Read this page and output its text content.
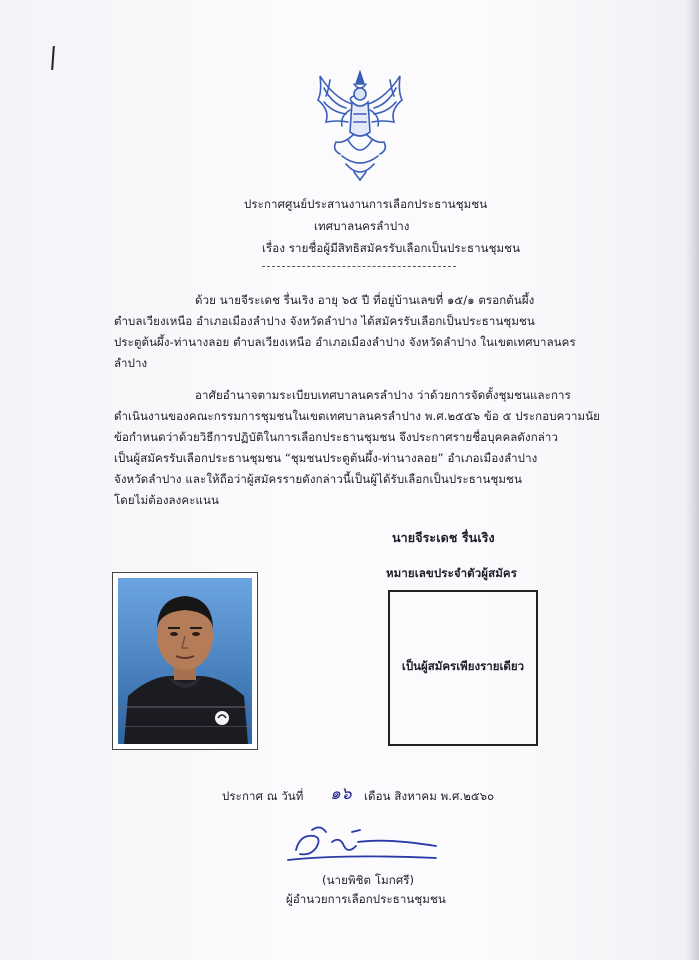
ประกาศศูนย์ประสานงานการเลือกประธานชุมชน
เทศบาลนครลำปาง
เรื่อง รายชื่อผู้มีสิทธิสมัครรับเลือกเป็นประธานชุมชน
ด้วย นายจีระเดช รื่นเริง อายุ ๖๕ ปี ที่อยู่บ้านเลขที่ ๑๕/๑ ตรอกต้นผึ้ง
ตำบลเวียงเหนือ อำเภอเมืองลำปาง จังหวัดลำปาง ได้สมัครรับเลือกเป็นประธานชุมชน
ประตูต้นผึ้ง-ท่านางลอย ตำบลเวียงเหนือ อำเภอเมืองลำปาง จังหวัดลำปาง ในเขตเทศบาลนคร
ลำปาง
อาศัยอำนาจตามระเบียบเทศบาลนครลำปาง ว่าด้วยการจัดตั้งชุมชนและการ
ดำเนินงานของคณะกรรมการชุมชนในเขตเทศบาลนครลำปาง พ.ศ.๒๕๕๖ ข้อ ๕ ประกอบความนัย
ข้อกำหนดว่าด้วยวิธีการปฏิบัติในการเลือกประธานชุมชน จึงประกาศรายชื่อบุคคลดังกล่าว
เป็นผู้สมัครรับเลือกประธานชุมชน “ชุมชนประตูต้นผึ้ง-ท่านางลอย” อำเภอเมืองลำปาง
จังหวัดลำปาง และให้ถือว่าผู้สมัครรายดังกล่าวนี้เป็นผู้ได้รับเลือกเป็นประธานชุมชน
โดยไม่ต้องลงคะแนน
นายจีระเดช รื่นเริง
หมายเลขประจำตัวผู้สมัคร
เป็นผู้สมัครเพียงรายเดียว
ประกาศ ณ วันที่ ๑๖ เดือน สิงหาคม พ.ศ.๒๕๖๐
(นายพิชิต โมกศรี)
ผู้อำนวยการเลือกประธานชุมชน
